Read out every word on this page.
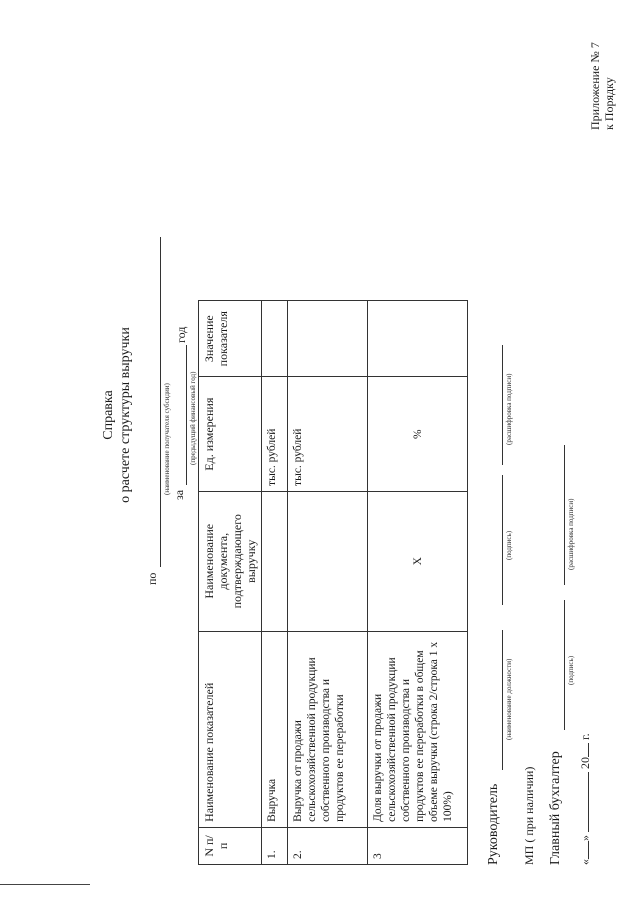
Приложение № 7 к Порядку
Справка о расчете структуры выручки
по
(наименование получателя субсидии) за
год
(предыдущий финансовый год)
N п/п	Наименование показателей	Наименование документа, подтверждающего выручку	Ед. измерения	Значение показателя
1.	Выручка		тыс. рублей	
2.	Выручка от продажи сельскохозяйственной продукции собственного производства и продуктов ее переработки		тыс. рублей	
3	Доля выручки от продажи сельскохозяйственной продукции собственного производства и продуктов ее переработки в общем объеме выручки (строка 2/строка 1 х 100%)	Х	%	
Руководитель
(наименование должности)
(подпись)
(расшифровка подписи)
МП ( при наличии) Главный бухгалтер
(подпись)
(расшифровка подписи)
«»  20 г.
